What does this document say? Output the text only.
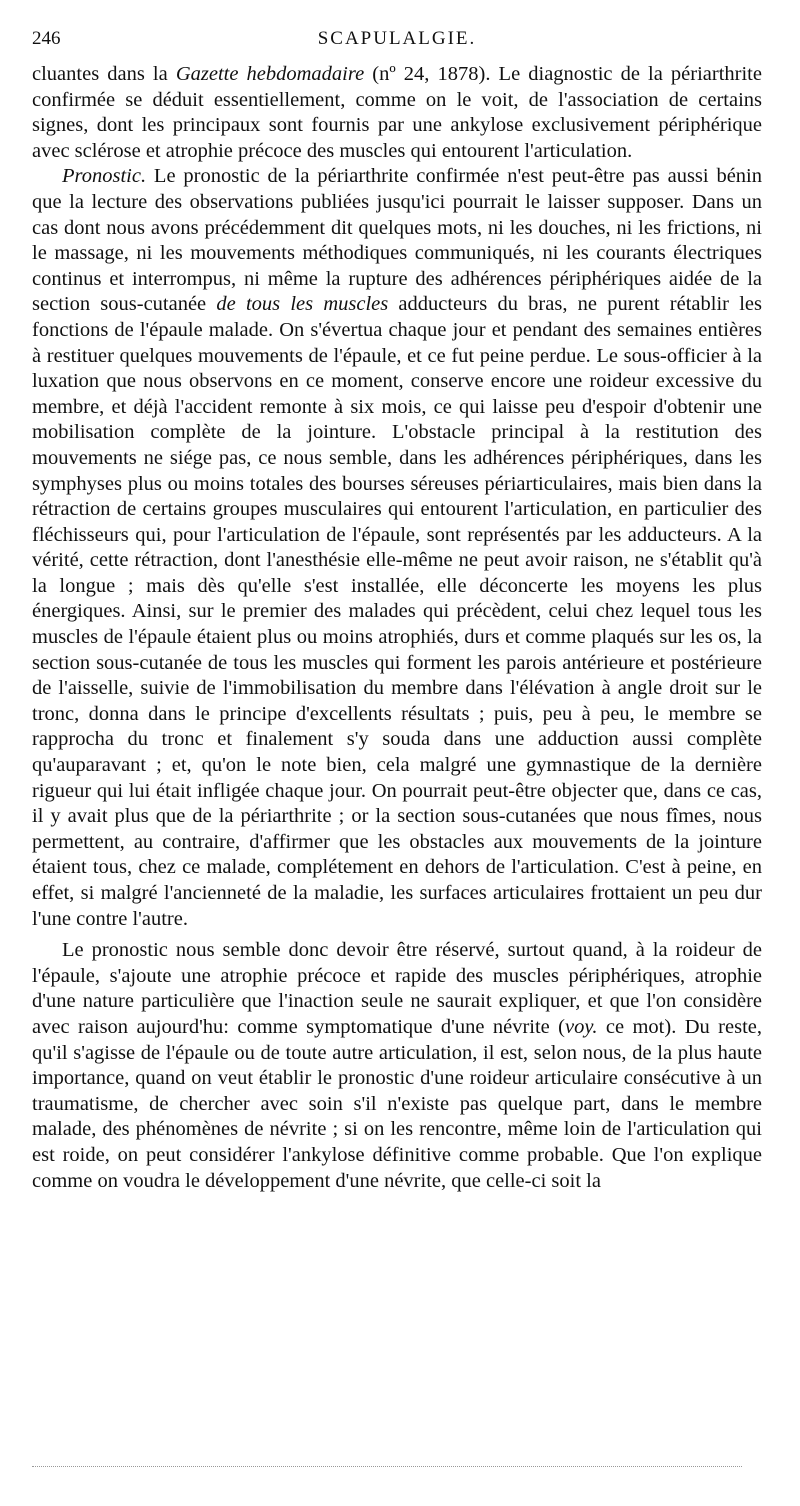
246	SCAPULALGIE.

cluantes dans la Gazette hebdomadaire (nº 24, 1878). Le diagnostic de la périarthrite confirmée se déduit essentiellement, comme on le voit, de l'association de certains signes, dont les principaux sont fournis par une ankylose exclusivement périphérique avec sclérose et atrophie précoce des muscles qui entourent l'articulation.

Pronostic. Le pronostic de la périarthrite confirmée n'est peut-être pas aussi bénin que la lecture des observations publiées jusqu'ici pourrait le laisser supposer. Dans un cas dont nous avons précédemment dit quelques mots, ni les douches, ni les frictions, ni le massage, ni les mouvements méthodiques communiqués, ni les courants électriques continus et interrompus, ni même la rupture des adhérences périphériques aidée de la section sous-cutanée de tous les muscles adducteurs du bras, ne purent rétablir les fonctions de l'épaule malade. On s'évertua chaque jour et pendant des semaines entières à restituer quelques mouvements de l'épaule, et ce fut peine perdue. Le sous-officier à la luxation que nous observons en ce moment, conserve encore une roideur excessive du membre, et déjà l'accident remonte à six mois, ce qui laisse peu d'espoir d'obtenir une mobilisation complète de la jointure. L'obstacle principal à la restitution des mouvements ne siége pas, ce nous semble, dans les adhérences périphériques, dans les symphyses plus ou moins totales des bourses séreuses périarticulaires, mais bien dans la rétraction de certains groupes musculaires qui entourent l'articulation, en particulier des fléchisseurs qui, pour l'articulation de l'épaule, sont représentés par les adducteurs. A la vérité, cette rétraction, dont l'anesthésie elle-même ne peut avoir raison, ne s'établit qu'à la longue ; mais dès qu'elle s'est installée, elle déconcerte les moyens les plus énergiques. Ainsi, sur le premier des malades qui précèdent, celui chez lequel tous les muscles de l'épaule étaient plus ou moins atrophiés, durs et comme plaqués sur les os, la section sous-cutanée de tous les muscles qui forment les parois antérieure et postérieure de l'aisselle, suivie de l'immobilisation du membre dans l'élévation à angle droit sur le tronc, donna dans le principe d'excellents résultats ; puis, peu à peu, le membre se rapprocha du tronc et finalement s'y souda dans une adduction aussi complète qu'auparavant ; et, qu'on le note bien, cela malgré une gymnastique de la dernière rigueur qui lui était infligée chaque jour. On pourrait peut-être objecter que, dans ce cas, il y avait plus que de la périarthrite ; or la section sous-cutanées que nous fîmes, nous permettent, au contraire, d'affirmer que les obstacles aux mouvements de la jointure étaient tous, chez ce malade, complétement en dehors de l'articulation. C'est à peine, en effet, si malgré l'ancienneté de la maladie, les surfaces articulaires frottaient un peu dur l'une contre l'autre.

Le pronostic nous semble donc devoir être réservé, surtout quand, à la roideur de l'épaule, s'ajoute une atrophie précoce et rapide des muscles périphériques, atrophie d'une nature particulière que l'inaction seule ne saurait expliquer, et que l'on considère avec raison aujourd'hu: comme symptomatique d'une névrite (voy. ce mot). Du reste, qu'il s'agisse de l'épaule ou de toute autre articulation, il est, selon nous, de la plus haute importance, quand on veut établir le pronostic d'une roideur articulaire consécutive à un traumatisme, de chercher avec soin s'il n'existe pas quelque part, dans le membre malade, des phénomènes de névrite ; si on les rencontre, même loin de l'articulation qui est roide, on peut considérer l'ankylose définitive comme probable. Que l'on explique comme on voudra le développement d'une névrite, que celle-ci soit la
